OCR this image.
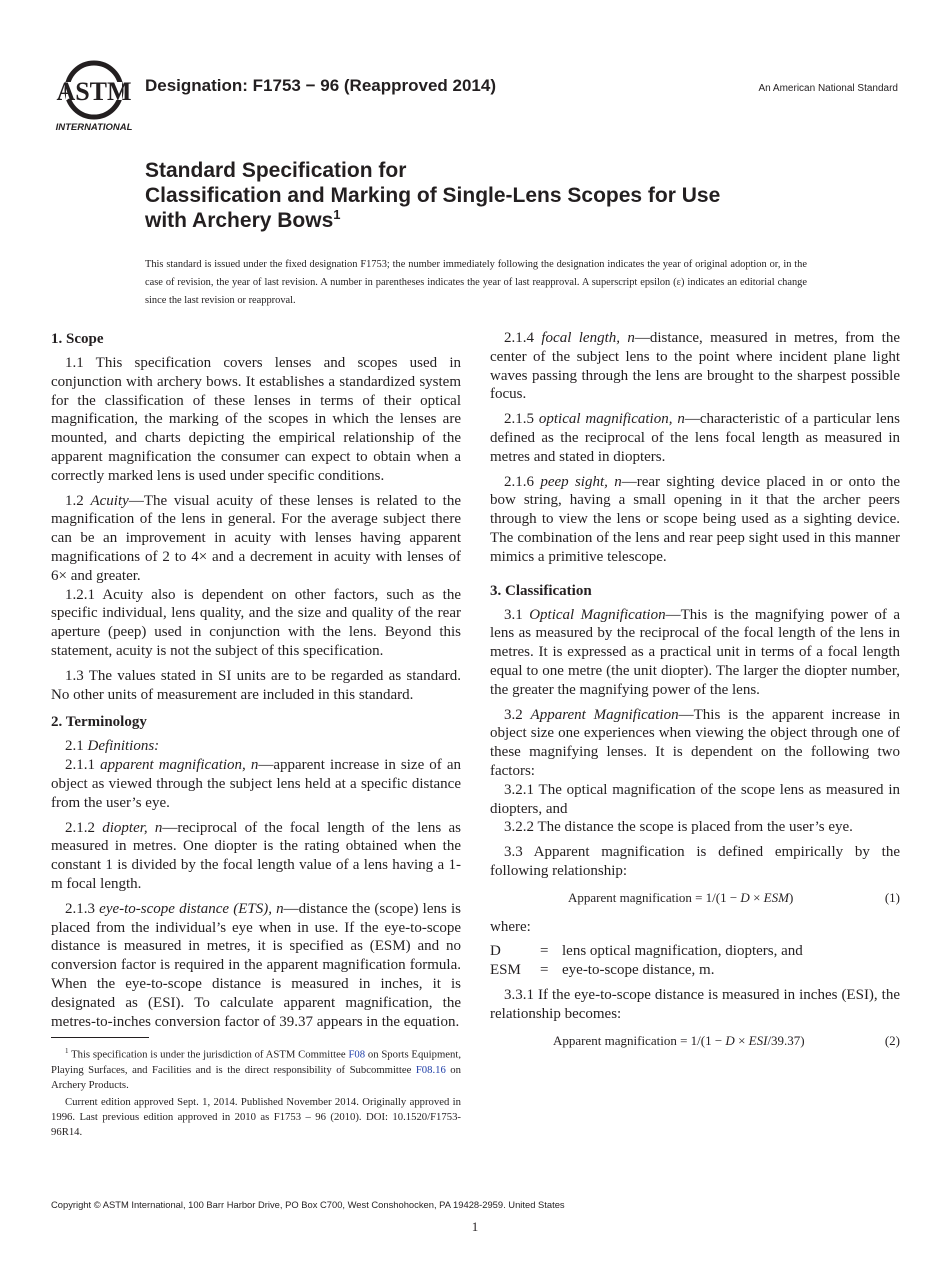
ASTM
INTERNATIONAL
Designation: F1753 − 96 (Reapproved 2014)	An American National Standard
Standard Specification for
Classification and Marking of Single-Lens Scopes for Use
with Archery Bows$^1$
This standard is issued under the fixed designation F1753; the number immediately following the designation indicates the year of original adoption or, in the case of revision, the year of last revision. A number in parentheses indicates the year of last reapproval. A superscript epsilon (ε) indicates an editorial change since the last revision or reapproval.
1. Scope

1.1 This specification covers lenses and scopes used in conjunction with archery bows. It establishes a standardized system for the classification of these lenses in terms of their optical magnification, the marking of the scopes in which the lenses are mounted, and charts depicting the empirical relationship of the apparent magnification the consumer can expect to obtain when a correctly marked lens is used under specific conditions.

1.2 Acuity—The visual acuity of these lenses is related to the magnification of the lens in general. For the average subject there can be an improvement in acuity with lenses having apparent magnifications of 2 to 4× and a decrement in acuity with lenses of 6× and greater.

1.2.1 Acuity also is dependent on other factors, such as the specific individual, lens quality, and the size and quality of the rear aperture (peep) used in conjunction with the lens. Beyond this statement, acuity is not the subject of this specification.

1.3 The values stated in SI units are to be regarded as standard. No other units of measurement are included in this standard.

2. Terminology

2.1 Definitions:

2.1.1 apparent magnification, n—apparent increase in size of an object as viewed through the subject lens held at a specific distance from the user’s eye.

2.1.2 diopter, n—reciprocal of the focal length of the lens as measured in metres. One diopter is the rating obtained when the constant 1 is divided by the focal length value of a lens having a 1-m focal length.

2.1.3 eye-to-scope distance (ETS), n—distance the (scope) lens is placed from the individual’s eye when in use. If the eye-to-scope distance is measured in metres, it is specified as (ESM) and no conversion factor is required in the apparent magnification formula. When the eye-to-scope distance is measured in inches, it is designated as (ESI). To calculate apparent magnification, the metres-to-inches conversion factor of 39.37 appears in the equation.

$^1$ This specification is under the jurisdiction of ASTM Committee F08 on Sports Equipment, Playing Surfaces, and Facilities and is the direct responsibility of Subcommittee F08.16 on Archery Products.

Current edition approved Sept. 1, 2014. Published November 2014. Originally approved in 1996. Last previous edition approved in 2010 as F1753 – 96 (2010). DOI: 10.1520/F1753-96R14.

2.1.4 focal length, n—distance, measured in metres, from the center of the subject lens to the point where incident plane light waves passing through the lens are brought to the sharpest possible focus.

2.1.5 optical magnification, n—characteristic of a particular lens defined as the reciprocal of the lens focal length as measured in metres and stated in diopters.

2.1.6 peep sight, n—rear sighting device placed in or onto the bow string, having a small opening in it that the archer peers through to view the lens or scope being used as a sighting device. The combination of the lens and rear peep sight used in this manner mimics a primitive telescope.

3. Classification

3.1 Optical Magnification—This is the magnifying power of a lens as measured by the reciprocal of the focal length of the lens in metres. It is expressed as a practical unit in terms of a focal length equal to one metre (the unit diopter). The larger the diopter number, the greater the magnifying power of the lens.

3.2 Apparent Magnification—This is the apparent increase in object size one experiences when viewing the object through one of these magnifying lenses. It is dependent on the following two factors:

3.2.1 The optical magnification of the scope lens as measured in diopters, and

3.2.2 The distance the scope is placed from the user’s eye.

3.3 Apparent magnification is defined empirically by the following relationship:

Apparent magnification = 1/(1 − D × ESM)	(1)

where:

D	= lens optical magnification, diopters, and
ESM	= eye-to-scope distance, m.

3.3.1 If the eye-to-scope distance is measured in inches (ESI), the relationship becomes:

Apparent magnification = 1/(1 − D × ESI/39.37)	(2)
Copyright © ASTM International, 100 Barr Harbor Drive, PO Box C700, West Conshohocken, PA 19428-2959. United States
1
